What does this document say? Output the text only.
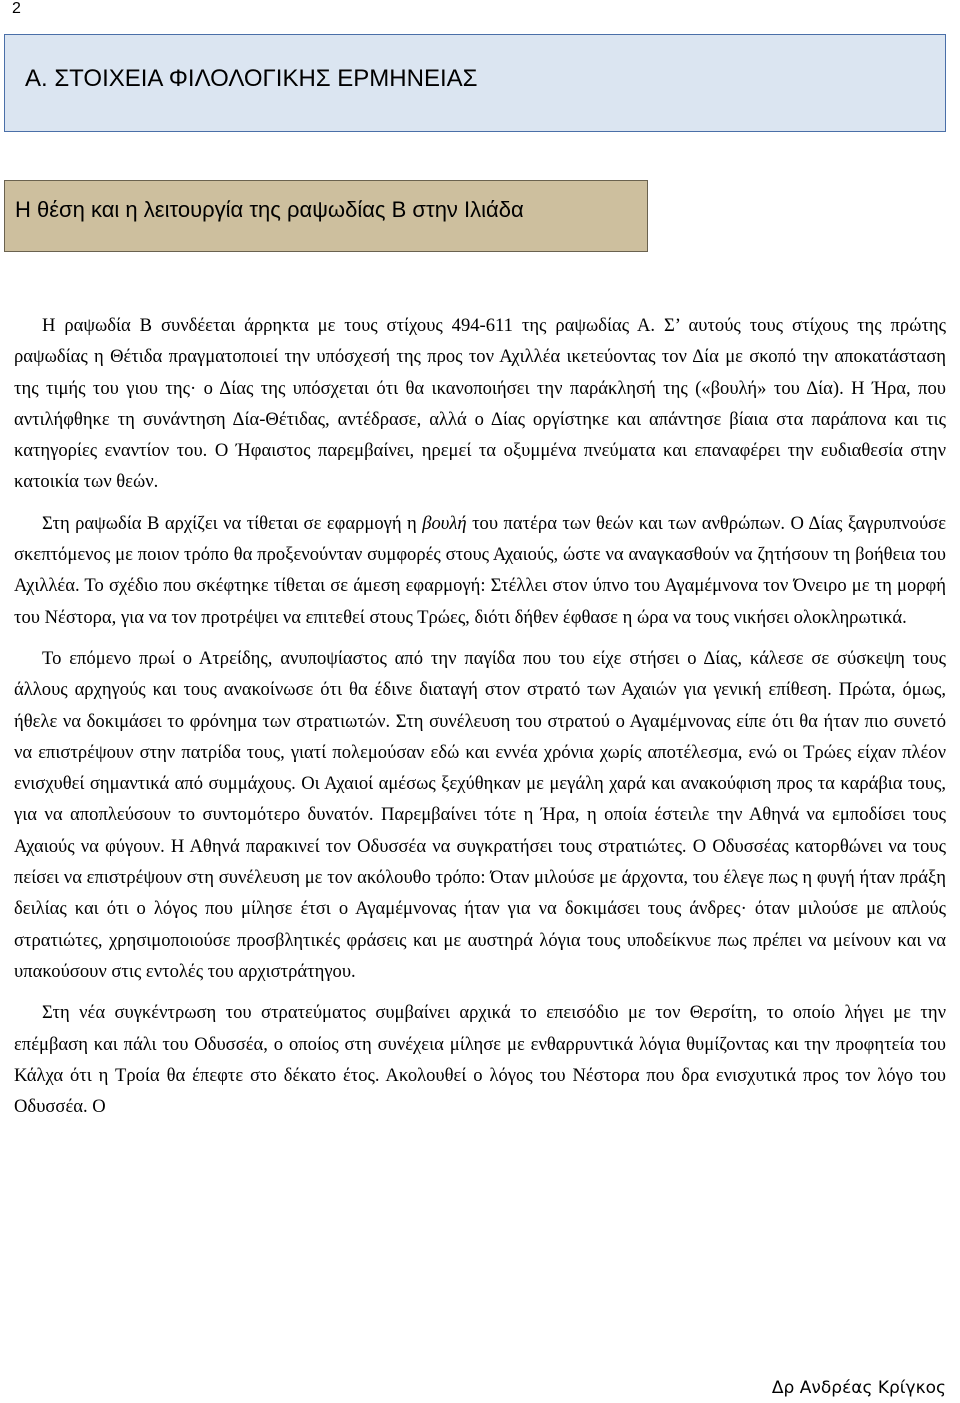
2
Α. ΣΤΟΙΧΕΙΑ ΦΙΛΟΛΟΓΙΚΗΣ ΕΡΜΗΝΕΙΑΣ
Η θέση και η λειτουργία της ραψωδίας Β στην Ιλιάδα

Η ραψωδία Β συνδέεται άρρηκτα με τους στίχους 494-611 της ραψωδίας Α. Σ’ αυτούς τους στίχους της πρώτης ραψωδίας η Θέτιδα πραγματοποιεί την υπόσχεσή της προς τον Αχιλλέα ικετεύοντας τον Δία με σκοπό την αποκατάσταση της τιμής του γιου της· ο Δίας της υπόσχεται ότι θα ικανοποιήσει την παράκλησή της («βουλή» του Δία). Η Ήρα, που αντιλήφθηκε τη συνάντηση Δία-Θέτιδας, αντέδρασε, αλλά ο Δίας οργίστηκε και απάντησε βίαια στα παράπονα και τις κατηγορίες εναντίον του. Ο Ήφαιστος παρεμβαίνει, ηρεμεί τα οξυμμένα πνεύματα και επαναφέρει την ευδιαθεσία στην κατοικία των θεών.

Στη ραψωδία Β αρχίζει να τίθεται σε εφαρμογή η βουλή του πατέρα των θεών και των ανθρώπων. Ο Δίας ξαγρυπνούσε σκεπτόμενος με ποιον τρόπο θα προξενούνταν συμφορές στους Αχαιούς, ώστε να αναγκασθούν να ζητήσουν τη βοήθεια του Αχιλλέα. Το σχέδιο που σκέφτηκε τίθεται σε άμεση εφαρμογή: Στέλλει στον ύπνο του Αγαμέμνονα τον Όνειρο με τη μορφή του Νέστορα, για να τον προτρέψει να επιτεθεί στους Τρώες, διότι δήθεν έφθασε η ώρα να τους νικήσει ολοκληρωτικά.

Το επόμενο πρωί ο Ατρείδης, ανυποψίαστος από την παγίδα που του είχε στήσει ο Δίας, κάλεσε σε σύσκεψη τους άλλους αρχηγούς και τους ανακοίνωσε ότι θα έδινε διαταγή στον στρατό των Αχαιών για γενική επίθεση. Πρώτα, όμως, ήθελε να δοκιμάσει το φρόνημα των στρατιωτών. Στη συνέλευση του στρατού ο Αγαμέμνονας είπε ότι θα ήταν πιο συνετό να επιστρέψουν στην πατρίδα τους, γιατί πολεμούσαν εδώ και εννέα χρόνια χωρίς αποτέλεσμα, ενώ οι Τρώες είχαν πλέον ενισχυθεί σημαντικά από συμμάχους. Οι Αχαιοί αμέσως ξεχύθηκαν με μεγάλη χαρά και ανακούφιση προς τα καράβια τους, για να αποπλεύσουν το συντομότερο δυνατόν. Παρεμβαίνει τότε η Ήρα, η οποία έστειλε την Αθηνά να εμποδίσει τους Αχαιούς να φύγουν. Η Αθηνά παρακινεί τον Οδυσσέα να συγκρατήσει τους στρατιώτες. Ο Οδυσσέας κατορθώνει να τους πείσει να επιστρέψουν στη συνέλευση με τον ακόλουθο τρόπο: Όταν μιλούσε με άρχοντα, του έλεγε πως η φυγή ήταν πράξη δειλίας και ότι ο λόγος που μίλησε έτσι ο Αγαμέμνονας ήταν για να δοκιμάσει τους άνδρες· όταν μιλούσε με απλούς στρατιώτες, χρησιμοποιούσε προσβλητικές φράσεις και με αυστηρά λόγια τους υποδείκνυε πως πρέπει να μείνουν και να υπακούσουν στις εντολές του αρχιστράτηγου.

Στη νέα συγκέντρωση του στρατεύματος συμβαίνει αρχικά το επεισόδιο με τον Θερσίτη, το οποίο λήγει με την επέμβαση και πάλι του Οδυσσέα, ο οποίος στη συνέχεια μίλησε με ενθαρρυντικά λόγια θυμίζοντας και την προφητεία του Κάλχα ότι η Τροία θα έπεφτε στο δέκατο έτος. Ακολουθεί ο λόγος του Νέστορα που δρα ενισχυτικά προς τον λόγο του Οδυσσέα. Ο

Δρ Ανδρέας Κρίγκος
